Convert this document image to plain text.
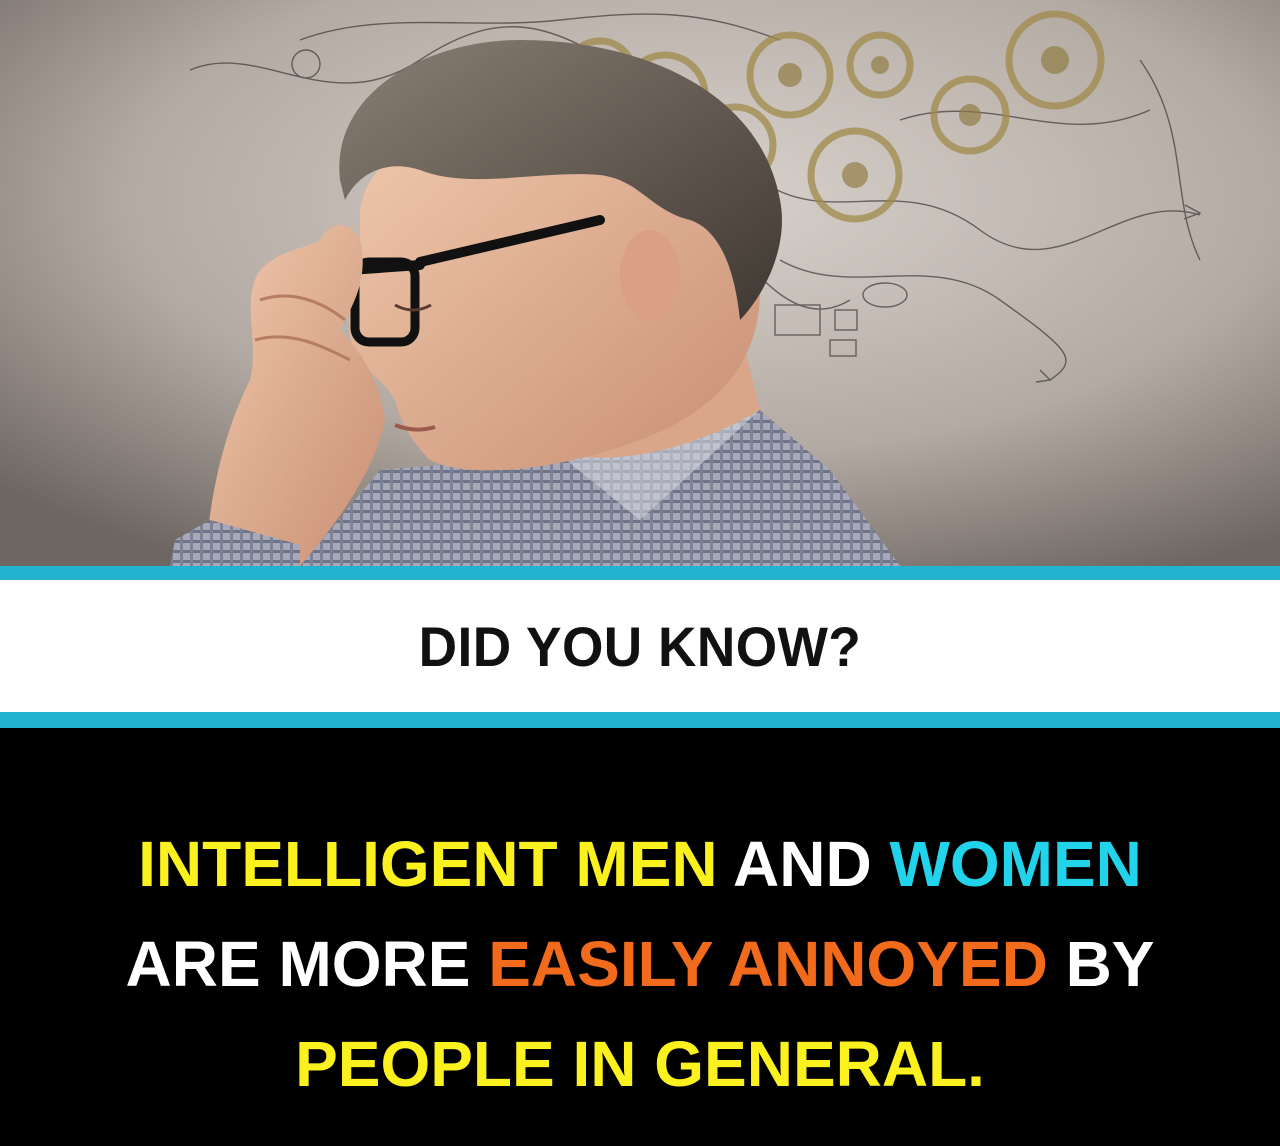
DID YOU KNOW?
INTELLIGENT MEN AND WOMEN
ARE MORE EASILY ANNOYED BY
PEOPLE IN GENERAL.
